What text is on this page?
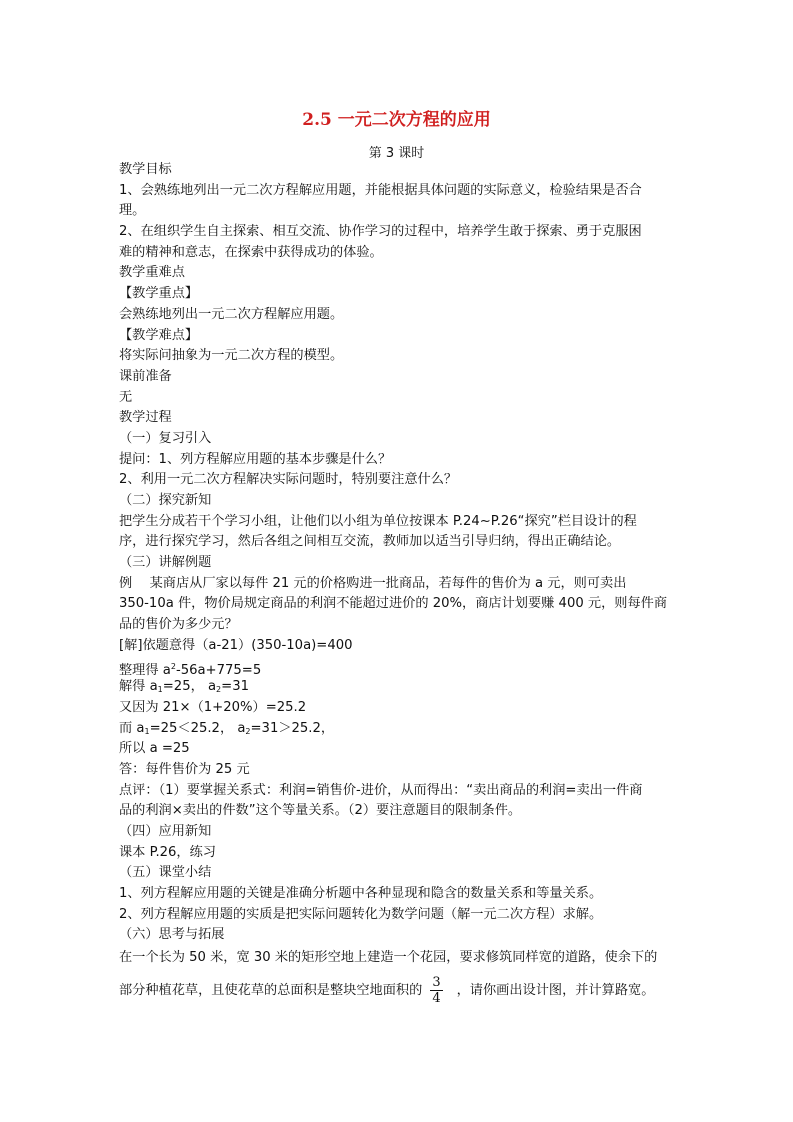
2.5 一元二次方程的应用
第 3 课时
教学目标
1、会熟练地列出一元二次方程解应用题，并能根据具体问题的实际意义，检验结果是否合
理。
2、在组织学生自主探索、相互交流、协作学习的过程中，培养学生敢于探索、勇于克服困
难的精神和意志，在探索中获得成功的体验。
教学重难点
【教学重点】
会熟练地列出一元二次方程解应用题。
【教学难点】
将实际问抽象为一元二次方程的模型。
课前准备
无
教学过程
（一）复习引入
提问：1、列方程解应用题的基本步骤是什么？
2、利用一元二次方程解决实际问题时，特别要注意什么？
（二）探究新知
把学生分成若干个学习小组，让他们以小组为单位按课本 P.24~P.26“探究”栏目设计的程
序，进行探究学习，然后各组之间相互交流，教师加以适当引导归纳，得出正确结论。
（三）讲解例题
例　 某商店从厂家以每件 21 元的价格购进一批商品，若每件的售价为 a 元，则可卖出
350-10a 件，物价局规定商品的利润不能超过进价的 20%，商店计划要赚 400 元，则每件商
品的售价为多少元？
[解]依题意得（a-21）(350-10a)=400
整理得 $a^2-56a+775=5$
解得 $a_1=25$， $a_2=31$
又因为 21×（1+20%）=25.2
而 $a_1=25<25.2$， $a_2=31>25.2$，
所以 a =25
答：每件售价为 25 元
点评：（1）要掌握关系式：利润=销售价-进价，从而得出：“卖出商品的利润=卖出一件商
品的利润×卖出的件数”这个等量关系。（2）要注意题目的限制条件。
（四）应用新知
课本 P.26，练习
（五）课堂小结
1、列方程解应用题的关键是准确分析题中各种显现和隐含的数量关系和等量关系。
2、列方程解应用题的实质是把实际问题转化为数学问题（解一元二次方程）求解。
（六）思考与拓展
在一个长为 50 米，宽 30 米的矩形空地上建造一个花园，要求修筑同样宽的道路，使余下的
部分种植花草，且使花草的总面积是整块空地面积的 $\frac{3}{4}$ ，请你画出设计图，并计算路宽。
